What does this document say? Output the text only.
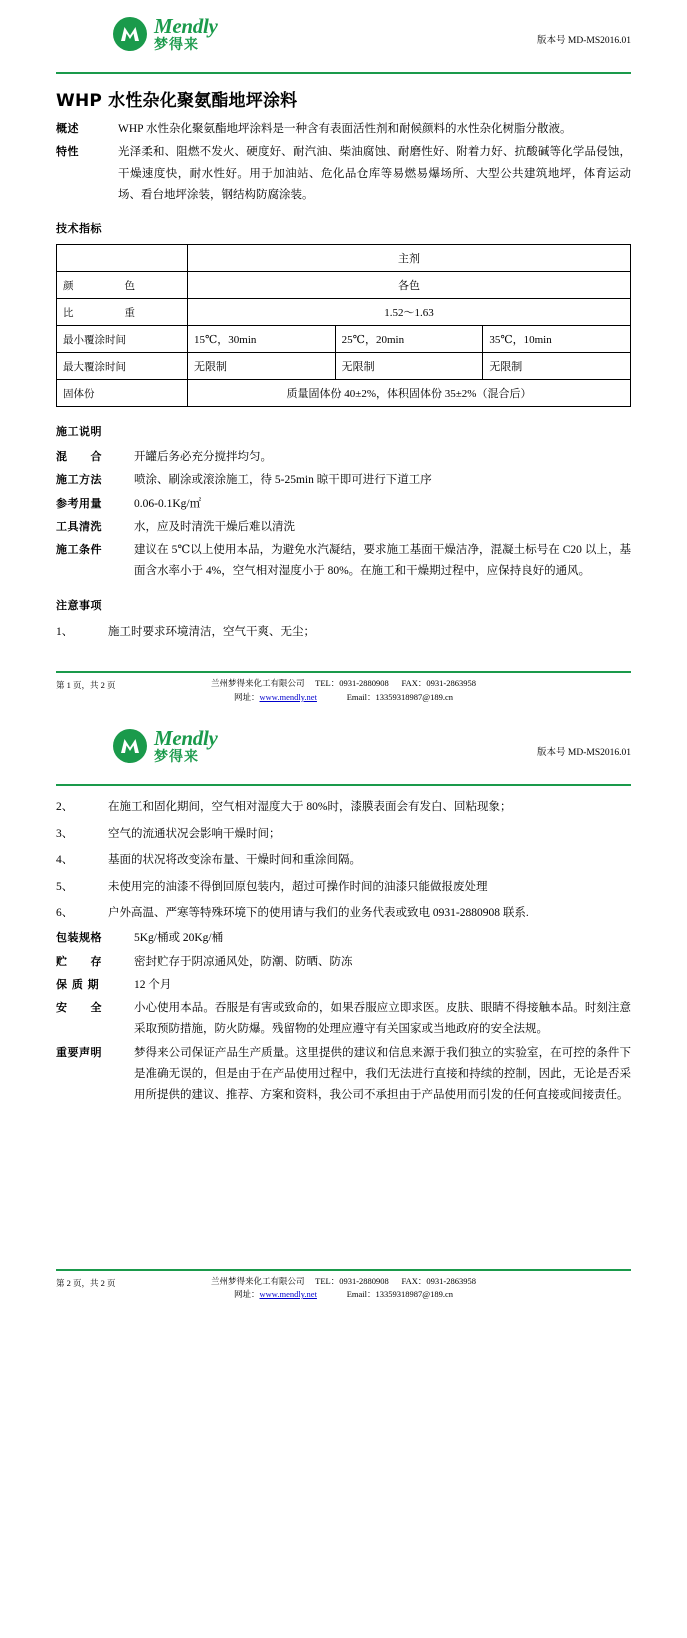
Mendly
梦得来	版本号 MD-MS2016.01
WHP 水性杂化聚氨酯地坪涂料
概述	WHP 水性杂化聚氨酯地坪涂料是一种含有表面活性剂和耐候颜料的水性杂化树脂分散液。
特性	光泽柔和、阻燃不发火、硬度好、耐汽油、柴油腐蚀、耐磨性好、附着力好、抗酸碱等化学品侵蚀，干燥速度快，耐水性好。用于加油站、危化品仓库等易燃易爆场所、大型公共建筑地坪，体育运动场、看台地坪涂装，钢结构防腐涂装。
技术指标
	主剂		
颜　　色	各色		
比　　重	1.52～1.63		
最小覆涂时间	15℃，30min	25℃，20min	35℃，10min
最大覆涂时间	无限制	无限制	无限制
固体份	质量固体份 40±2%，体积固体份 35±2%（混合后）		
施工说明
混　　合	开罐后务必充分搅拌均匀。
施工方法	喷涂、刷涂或滚涂施工，待 5-25min 晾干即可进行下道工序
参考用量	0.06-0.1Kg/㎡
工具清洗	水，应及时清洗干燥后难以清洗
施工条件	建议在 5℃以上使用本品，为避免水汽凝结，要求施工基面干燥洁净，混凝土标号在 C20 以上，基面含水率小于 4%，空气相对湿度小于 80%。在施工和干燥期过程中，应保持良好的通风。
注意事项
1、	施工时要求环境清洁，空气干爽、无尘；
第 1 页，共 2 页	兰州梦得来化工有限公司 TEL：0931-2880908 FAX：0931-2863958
网址：www.mendly.net	Email：13359318987@189.cn
Mendly
梦得来	版本号 MD-MS2016.01
2、	在施工和固化期间，空气相对湿度大于 80%时，漆膜表面会有发白、回粘现象；
3、	空气的流通状况会影响干燥时间；
4、	基面的状况将改变涂布量、干燥时间和重涂间隔。
5、	未使用完的油漆不得倒回原包装内，超过可操作时间的油漆只能做报废处理
6、	户外高温、严寒等特殊环境下的使用请与我们的业务代表或致电 0931-2880908 联系.
包装规格	5Kg/桶或 20Kg/桶
贮　　存	密封贮存于阴凉通风处，防潮、防晒、防冻
保 质 期	12 个月
安　　全	小心使用本品。吞服是有害或致命的，如果吞服应立即求医。皮肤、眼睛不得接触本品。时刻注意采取预防措施，防火防爆。残留物的处理应遵守有关国家或当地政府的安全法规。
重要声明	梦得来公司保证产品生产质量。这里提供的建议和信息来源于我们独立的实验室，在可控的条件下是准确无误的，但是由于在产品使用过程中，我们无法进行直接和持续的控制，因此，无论是否采用所提供的建议、推荐、方案和资料，我公司不承担由于产品使用而引发的任何直接或间接责任。
第 2 页，共 2 页	兰州梦得来化工有限公司 TEL：0931-2880908 FAX：0931-2863958
网址：www.mendly.net	Email：13359318987@189.cn
